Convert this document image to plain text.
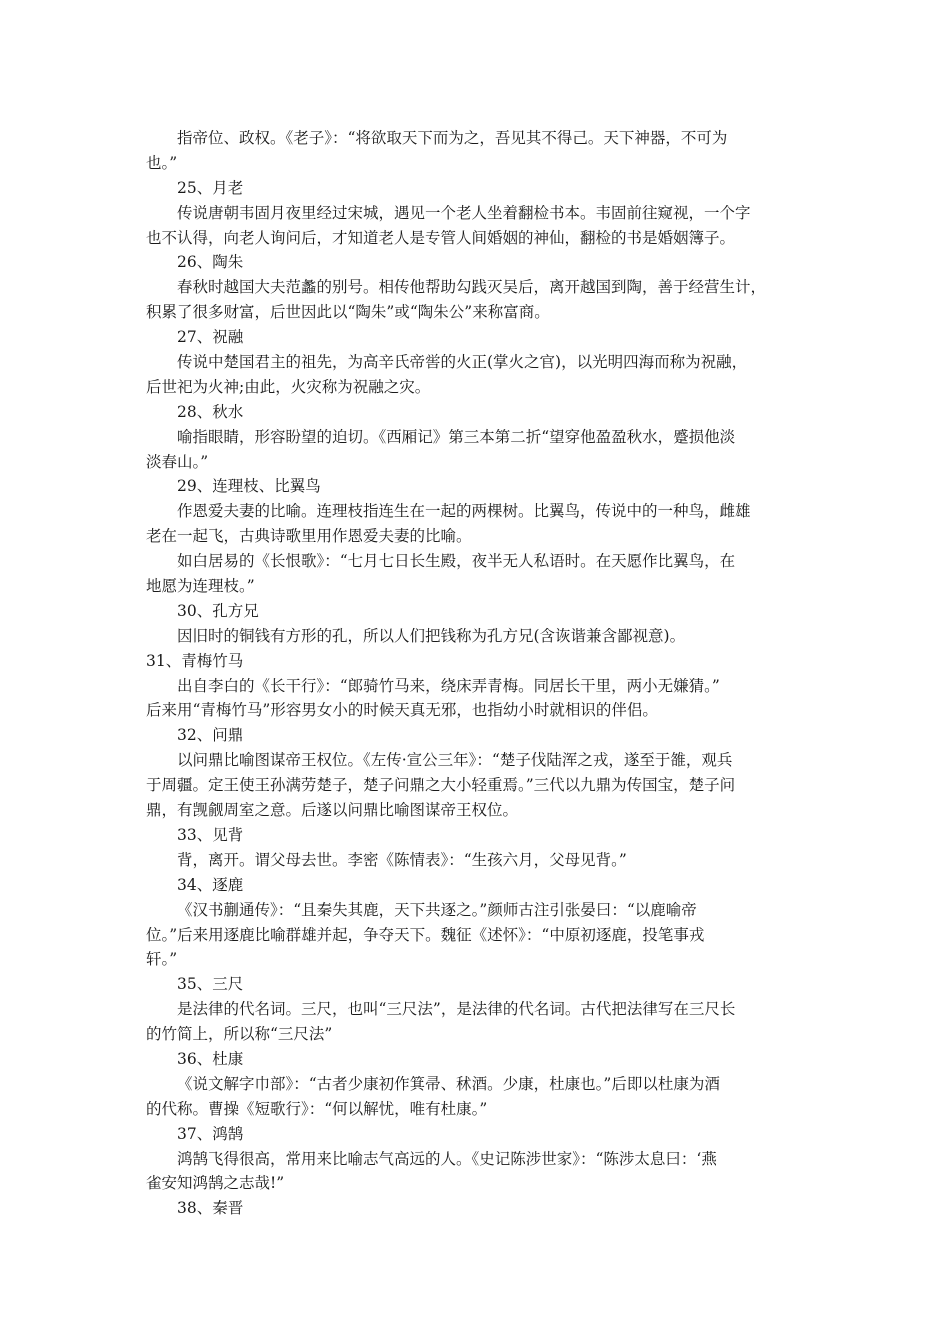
指帝位、政权。《老子》：“将欲取天下而为之，吾见其不得己。天下神器，不可为
也。”
25、月老
传说唐朝韦固月夜里经过宋城，遇见一个老人坐着翻检书本。韦固前往窥视，一个字
也不认得，向老人询问后，才知道老人是专管人间婚姻的神仙，翻检的书是婚姻簿子。
26、陶朱
春秋时越国大夫范蠡的别号。相传他帮助勾践灭吴后，离开越国到陶，善于经营生计，
积累了很多财富，后世因此以“陶朱”或“陶朱公”来称富商。
27、祝融
传说中楚国君主的祖先，为高辛氏帝喾的火正(掌火之官)，以光明四海而称为祝融，
后世祀为火神;由此，火灾称为祝融之灾。
28、秋水
喻指眼睛，形容盼望的迫切。《西厢记》第三本第二折“望穿他盈盈秋水，蹙损他淡
淡春山。”
29、连理枝、比翼鸟
作恩爱夫妻的比喻。连理枝指连生在一起的两棵树。比翼鸟，传说中的一种鸟，雌雄
老在一起飞，古典诗歌里用作恩爱夫妻的比喻。
如白居易的《长恨歌》：“七月七日长生殿，夜半无人私语时。在天愿作比翼鸟，在
地愿为连理枝。”
30、孔方兄
因旧时的铜钱有方形的孔，所以人们把钱称为孔方兄(含诙谐兼含鄙视意)。
31、青梅竹马
出自李白的《长干行》：“郎骑竹马来，绕床弄青梅。同居长干里，两小无嫌猜。”
后来用“青梅竹马”形容男女小的时候天真无邪，也指幼小时就相识的伴侣。
32、问鼎
以问鼎比喻图谋帝王权位。《左传·宣公三年》：“楚子伐陆浑之戎，遂至于雒，观兵
于周疆。定王使王孙满劳楚子，楚子问鼎之大小轻重焉。”三代以九鼎为传国宝，楚子问
鼎，有觊觎周室之意。后遂以问鼎比喻图谋帝王权位。
33、见背
背，离开。谓父母去世。李密《陈情表》：“生孩六月，父母见背。”
34、逐鹿
《汉书蒯通传》：“且秦失其鹿，天下共逐之。”颜师古注引张晏曰：“以鹿喻帝
位。”后来用逐鹿比喻群雄并起，争夺天下。魏征《述怀》：“中原初逐鹿，投笔事戎
轩。”
35、三尺
是法律的代名词。三尺，也叫“三尺法”，是法律的代名词。古代把法律写在三尺长
的竹简上，所以称“三尺法”
36、杜康
《说文解字巾部》：“古者少康初作箕帚、秫酒。少康，杜康也。”后即以杜康为酒
的代称。曹操《短歌行》：“何以解忧，唯有杜康。”
37、鸿鹄
鸿鹄飞得很高，常用来比喻志气高远的人。《史记陈涉世家》：“陈涉太息曰：‘燕
雀安知鸿鹄之志哉!”
38、秦晋
